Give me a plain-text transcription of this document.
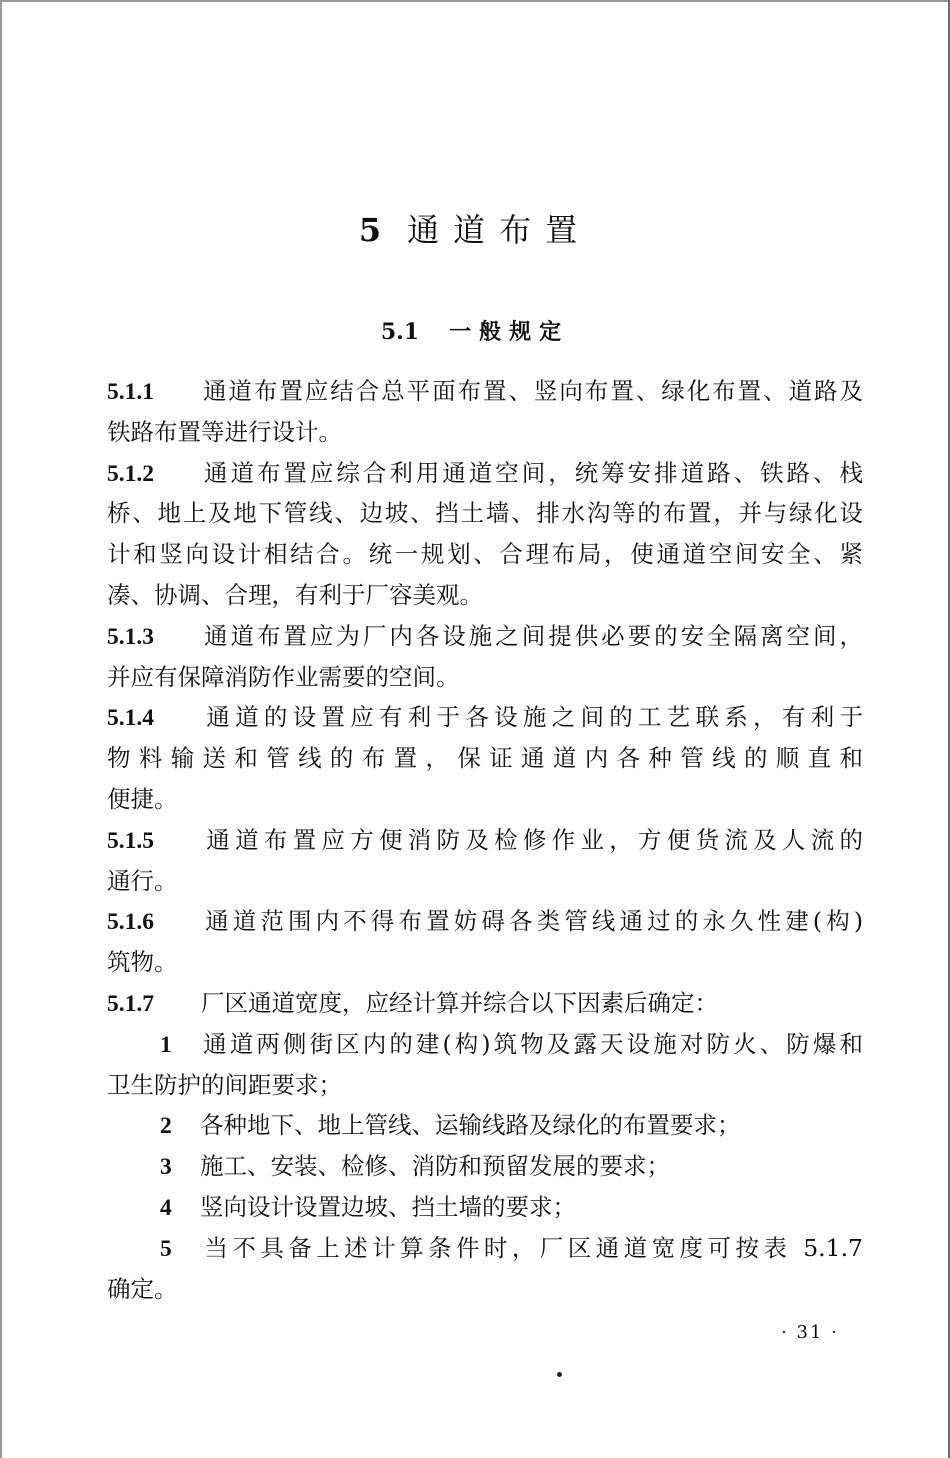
5 通道布置
5.1 一般规定
5.1.1 通道布置应结合总平面布置、竖向布置、绿化布置、道路及
铁路布置等进行设计。
5.1.2 通道布置应综合利用通道空间，统筹安排道路、铁路、栈
桥、地上及地下管线、边坡、挡土墙、排水沟等的布置，并与绿化设
计和竖向设计相结合。统一规划、合理布局，使通道空间安全、紧
凑、协调、合理，有利于厂容美观。
5.1.3 通道布置应为厂内各设施之间提供必要的安全隔离空间，
并应有保障消防作业需要的空间。
5.1.4 通道的设置应有利于各设施之间的工艺联系，有利于
物料输送和管线的布置，保证通道内各种管线的顺直和
便捷。
5.1.5 通道布置应方便消防及检修作业，方便货流及人流的
通行。
5.1.6 通道范围内不得布置妨碍各类管线通过的永久性建(构)
筑物。
5.1.7 厂区通道宽度，应经计算并综合以下因素后确定：
1 通道两侧街区内的建(构)筑物及露天设施对防火、防爆和
卫生防护的间距要求；
2 各种地下、地上管线、运输线路及绿化的布置要求；
3 施工、安装、检修、消防和预留发展的要求；
4 竖向设计设置边坡、挡土墙的要求；
5 当不具备上述计算条件时，厂区通道宽度可按表 5.1.7
确定。
· 31 ·
